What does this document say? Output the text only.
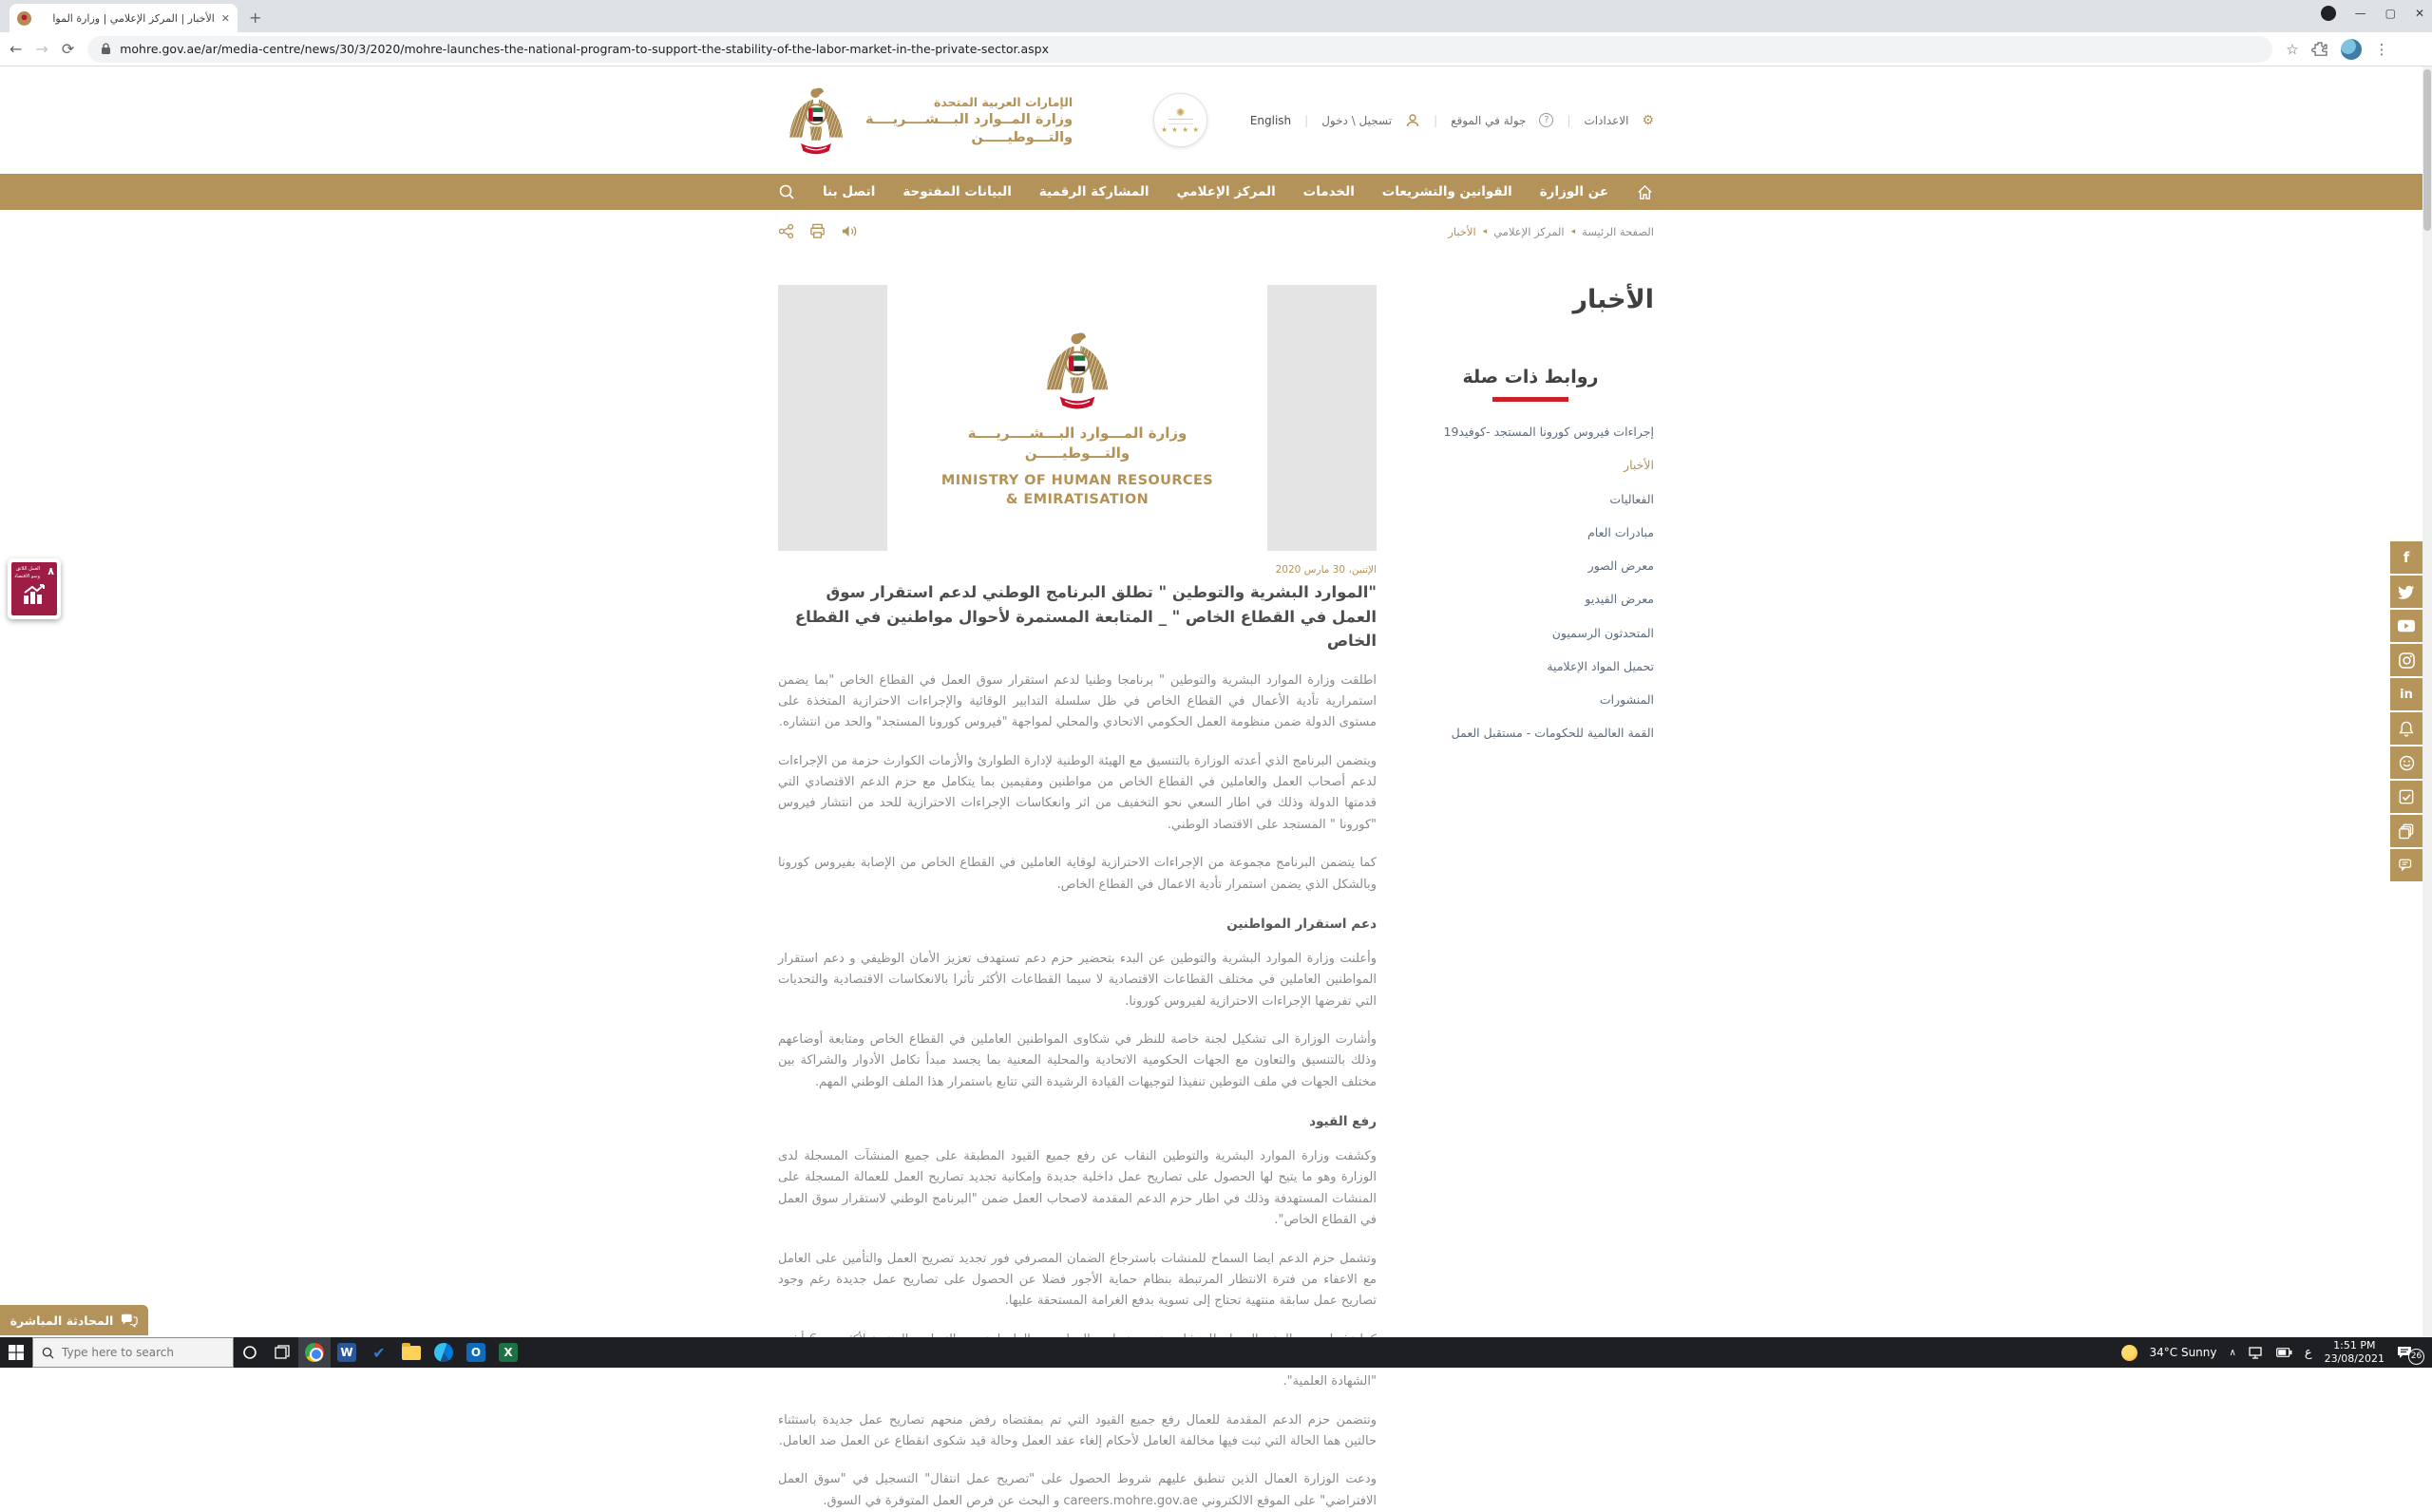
الأخبار | المركز الإعلامي | وزارة الموا ✕ +	— ▢ ✕
← → ⟳	mohre.gov.ae/ar/media-centre/news/30/3/2020/mohre-launches-the-national-program-to-support-the-stability-of-the-labor-market-in-the-private-sector.aspx	☆	⋮
الإمارات العربية المتحدة
وزارة المــوارد البـــشــــريــــة
والتـــوطيـــــن
✺
★ ★ ★ ★
⚙
الاعدادات
|
?
جولة في الموقع
|
تسجيل \ دخول
|
English
عن الوزارة
القوانين والتشريعات
الخدمات
المركز الإعلامي
المشاركة الرقمية
البيانات المفتوحة
اتصل بنا
الصفحة الرئيسة
◂
المركز الإعلامي
◂
الأخبار
الأخبار
روابط ذات صلة
إجراءات فيروس كورونا المستجد -كوفيد19
الأخبار
الفعاليات
مبادرات العام
معرض الصور
معرض الفيديو
المتحدثون الرسميون
تحميل المواد الإعلامية
المنشورات
القمة العالمية للحكومات - مستقبل العمل
وزارة المـــوارد البـــشــــريــــة
والتـــوطيـــــن
MINISTRY OF HUMAN RESOURCES
& EMIRATISATION
الإثنين، 30 مارس 2020
"الموارد البشرية والتوطين " تطلق البرنامج الوطني لدعم استقرار سوق العمل في القطاع الخاص " _ المتابعة المستمرة لأحوال مواطنين في القطاع الخاص

اطلقت وزارة الموارد البشرية والتوطين " برنامجا وطنيا لدعم استقرار سوق العمل في القطاع الخاص "بما يضمن استمرارية تأدية الأعمال في القطاع الخاص في ظل سلسلة التدابير الوقائية والإجراءات الاحترازية المتخذة على مستوى الدولة ضمن منظومة العمل الحكومي الاتحادي والمحلي لمواجهة "فيروس كورونا المستجد" والحد من انتشاره.

ويتضمن البرنامج الذي أعدته الوزارة بالتنسيق مع الهيئة الوطنية لإدارة الطوارئ والأزمات الكوارث حزمة من الإجراءات لدعم أصحاب العمل والعاملين في القطاع الخاص من مواطنين ومقيمين بما يتكامل مع حزم الدعم الاقتصادي التي قدمتها الدولة وذلك في اطار السعي نحو التخفيف من اثر وانعكاسات الإجراءات الاحترازية للحد من انتشار فيروس "كورونا " المستجد على الاقتصاد الوطني.

كما يتضمن البرنامج مجموعة من الإجراءات الاحترازية لوقاية العاملين في القطاع الخاص من الإصابة بفيروس كورونا وبالشكل الذي يضمن استمرار تأدية الاعمال في القطاع الخاص.

دعم استقرار المواطنين

وأعلنت وزارة الموارد البشرية والتوطين عن البدء بتحضير حزم دعم تستهدف تعزيز الأمان الوظيفي و دعم استقرار المواطنين العاملين في مختلف القطاعات الاقتصادية لا سيما القطاعات الأكثر تأثرا بالانعكاسات الاقتصادية والتحديات التي تفرضها الإجراءات الاحترازية لفيروس كورونا.

وأشارت الوزارة الى تشكيل لجنة خاصة للنظر في شكاوى المواطنين العاملين في القطاع الخاص ومتابعة أوضاعهم وذلك بالتنسيق والتعاون مع الجهات الحكومية الاتحادية والمحلية المعنية بما يجسد مبدأ تكامل الأدوار والشراكة بين مختلف الجهات في ملف التوطين تنفيذا لتوجيهات القيادة الرشيدة التي تتابع باستمرار هذا الملف الوطني المهم.

رفع القيود

وكشفت وزارة الموارد البشرية والتوطين النقاب عن رفع جميع القيود المطبقة على جميع المنشآت المسجلة لدى الوزارة وهو ما يتيح لها الحصول على تصاريح عمل داخلية جديدة وإمكانية تجديد تصاريح العمل للعمالة المسجلة على المنشات المستهدفة وذلك في اطار حزم الدعم المقدمة لاصحاب العمل ضمن "البرنامج الوطني لاستقرار سوق العمل في القطاع الخاص".

وتشمل حزم الدعم ايضا السماح للمنشات باسترجاع الضمان المصرفي فور تجديد تصريح العمل والتأمين على العامل مع الاعفاء من فترة الانتظار المرتبطة بنظام حماية الأجور فضلا عن الحصول على تصاريح عمل جديدة رغم وجود تصاريح عمل سابقة منتهية تحتاج إلى تسوية بدفع الغرامة المستحقة عليها.

"الشهادة العلمية".

وتتضمن حزم الدعم المقدمة للعمال رفع جميع القيود التي تم بمقتضاه رفض منحهم تصاريح عمل جديدة باستثناء حالتين هما الحالة التي ثبت فيها مخالفة العامل لأحكام إلغاء عقد العمل وحالة قيد شكوى انقطاع عن العمل ضد العامل.

ودعت الوزارة العمال الذين تنطبق عليهم شروط الحصول على "تصريح عمل انتقال" التسجيل في "سوق العمل الافتراضي" على الموقع الالكتروني careers.mohre.gov.ae و البحث عن فرص العمل المتوفرة في السوق.

f
in
٨
العمل اللائق
ونمو الاقتصاد
المحادثة المباشرة
Type here to search
W ✔	O	X	34°C Sunny ∧	ع	1:51 PM
23/08/2021	26
